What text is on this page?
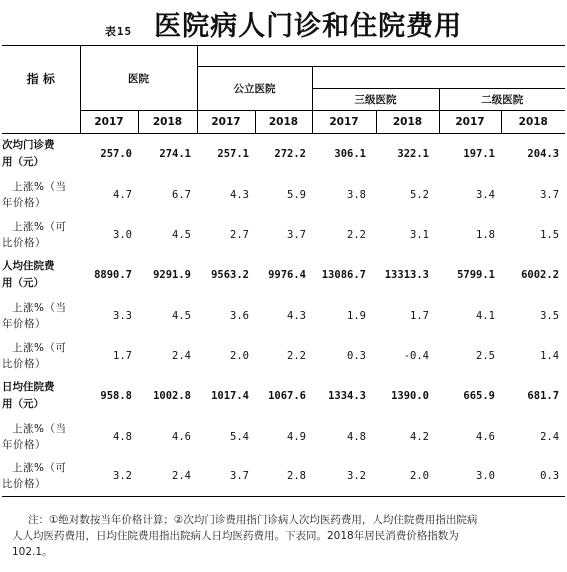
表15 医院病人门诊和住院费用
指 标	医院							
			公立医院					
					三级医院		二级医院	
	2017	2018	2017	2018	2017	2018	2017	2018

次均门诊费
用（元）	257.0	274.1	257.1	272.2	306.1	322.1	197.1	204.3

上涨%（当
年价格）	4.7	6.7	4.3	5.9	3.8	5.2	3.4	3.7

上涨%（可
比价格）	3.0	4.5	2.7	3.7	2.2	3.1	1.8	1.5

人均住院费
用（元）	8890.7	9291.9	9563.2	9976.4	13086.7	13313.3	5799.1	6002.2

上涨%（当
年价格）	3.3	4.5	3.6	4.3	1.9	1.7	4.1	3.5

上涨%（可
比价格）	1.7	2.4	2.0	2.2	0.3	-0.4	2.5	1.4

日均住院费
用（元）	958.8	1002.8	1017.4	1067.6	1334.3	1390.0	665.9	681.7

上涨%（当
年价格）	4.8	4.6	5.4	4.9	4.8	4.2	4.6	2.4

上涨%（可
比价格）	3.2	2.4	3.7	2.8	3.2	2.0	3.0	0.3
注：①绝对数按当年价格计算；②次均门诊费用指门诊病人次均医药费用，人均住院费用指出院病
人人均医药费用，日均住院费用指出院病人日均医药费用。下表同。2018年居民消费价格指数为
102.1。
